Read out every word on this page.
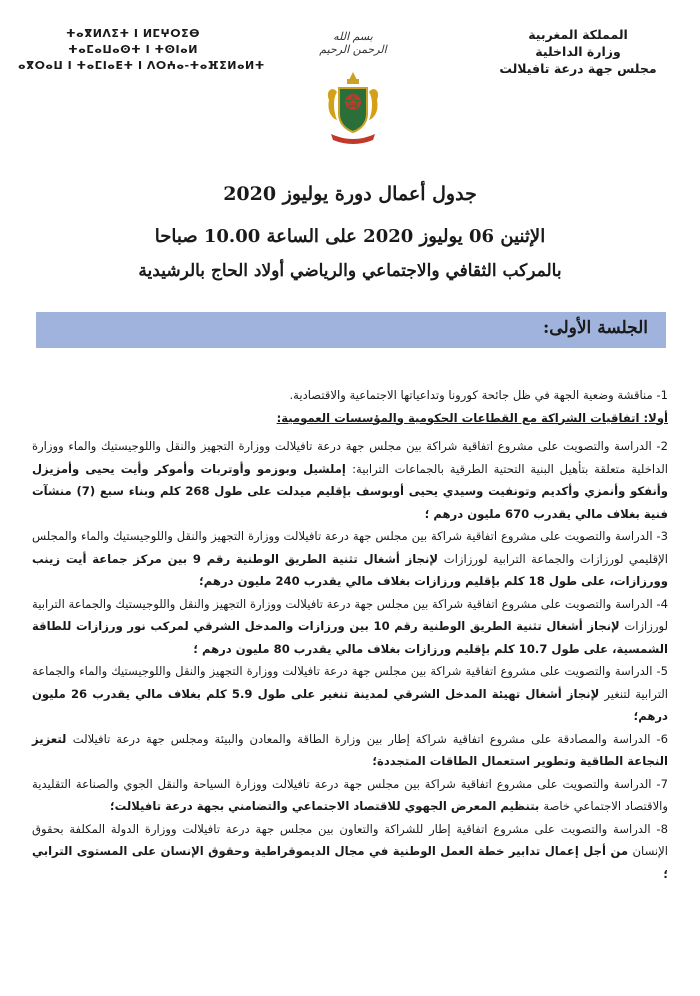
ⵜⴰⴳⵍⴷⵉⵜ ⵏ ⵍⵎⵖⵔⵉⴱ
ⵜⴰⵎⴰⵡⴰⵙⵜ ⵏ ⵜⵙⵏⴰⵍ
ⴰⴳⵔⴰⵡ ⵏ ⵜⴰⵎⵏⴰⴹⵜ ⵏ ⴷⵔⵄⴰ-ⵜⴰⴼⵉⵍⴰⵍⵜ
بسم الله الرحمن الرحيم
المملكة المغربية
وزارة الداخلية
مجلس جهة درعة تافيلالت
جدول أعمال دورة يوليوز 2020
الإثنين 06 يوليوز 2020 على الساعة 10.00 صباحا
بالمركب الثقافي والاجتماعي والرياضي أولاد الحاج بالرشيدية
الجلسة الأولى:

1- مناقشة وضعية الجهة في ظل جائحة كورونا وتداعياتها الاجتماعية والاقتصادية.

أولا: اتفاقيات الشراكة مع القطاعات الحكومية والمؤسسات العمومية:

2- الدراسة والتصويت على مشروع اتفاقية شراكة بين مجلس جهة درعة تافيلالت ووزارة التجهيز والنقل واللوجيستيك والماء ووزارة الداخلية متعلقة بتأهيل البنية التحتية الطرقية بالجماعات الترابية: إملشيل وبوزمو وأوتربات وأموكر وأيت يحيى وأمزيزل وأنفكو وأنمزي وأكديم وتونفيت وسيدي يحيى أوبوسف بإقليم ميدلت على طول 268 كلم وبناء سبع (7) منشآت فنية بغلاف مالي يقدرب 670 مليون درهم ؛

3- الدراسة والتصويت على مشروع اتفاقية شراكة بين مجلس جهة درعة تافيلالت ووزارة التجهيز والنقل واللوجيستيك والماء والمجلس الإقليمي لورزازات والجماعة الترابية لورزازات لإنجاز أشغال تثنية الطريق الوطنية رقم 9 بين مركز جماعة أيت زينب وورزازات، على طول 18 كلم بإقليم ورزازات بغلاف مالي يقدرب 240 مليون درهم؛

4- الدراسة والتصويت على مشروع اتفاقية شراكة بين مجلس جهة درعة تافيلالت ووزارة التجهيز والنقل واللوجيستيك والجماعة الترابية لورزازات لإنجاز أشغال تثنية الطريق الوطنية رقم 10 بين ورزازات والمدخل الشرقي لمركب نور ورزازات للطاقة الشمسية، على طول 10.7 كلم بإقليم ورزازات بغلاف مالي يقدرب 80 مليون درهم ؛

5- الدراسة والتصويت على مشروع اتفاقية شراكة بين مجلس جهة درعة تافيلالت ووزارة التجهيز والنقل واللوجيستيك والماء والجماعة الترابية لتنغير لإنجاز أشغال تهيئة المدخل الشرقي لمدينة تنغير على طول 5.9 كلم بغلاف مالي يقدرب 26 مليون درهم؛

6- الدراسة والمصادقة على مشروع اتفاقية شراكة إطار بين وزارة الطاقة والمعادن والبيئة ومجلس جهة درعة تافيلالت لتعزيز النجاعة الطاقية وتطوير استعمال الطاقات المتجددة؛

7- الدراسة والتصويت على مشروع اتفاقية شراكة بين مجلس جهة درعة تافيلالت ووزارة السياحة والنقل الجوي والصناعة التقليدية والاقتصاد الاجتماعي خاصة بتنظيم المعرض الجهوي للاقتصاد الاجتماعي والتضامني بجهة درعة تافيلالت؛

8- الدراسة والتصويت على مشروع اتفاقية إطار للشراكة والتعاون بين مجلس جهة درعة تافيلالت ووزارة الدولة المكلفة بحقوق الإنسان من أجل إعمال تدابير خطة العمل الوطنية في مجال الديموقراطية وحقوق الإنسان على المستوى الترابي ؛
